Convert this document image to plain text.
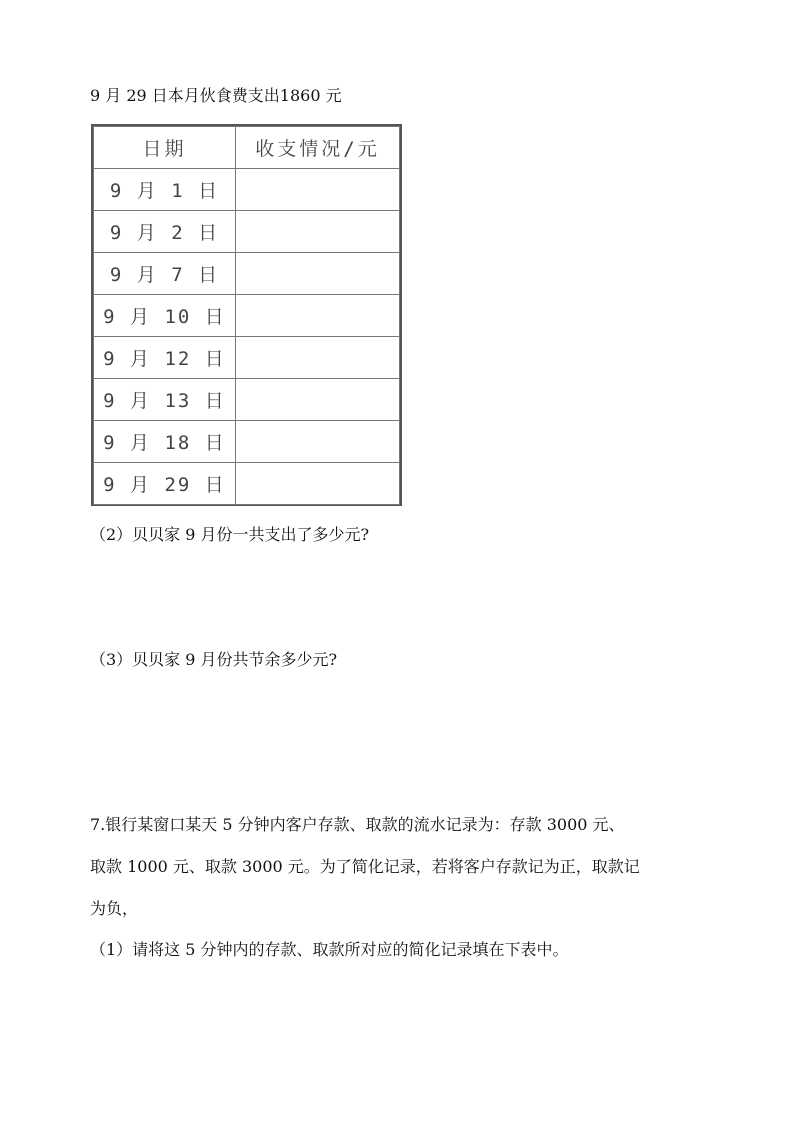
9 月 29 日本月伙食费支出1860 元
日期	收支情况/元
9 月 1 日	
9 月 2 日	
9 月 7 日	
9 月 10 日	
9 月 12 日	
9 月 13 日	
9 月 18 日	
9 月 29 日	
（2）贝贝家 9 月份一共支出了多少元?
（3）贝贝家 9 月份共节余多少元?
7.银行某窗口某天 5 分钟内客户存款、取款的流水记录为：存款 3000 元、
取款 1000 元、取款 3000 元。为了简化记录，若将客户存款记为正，取款记
为负，
（1）请将这 5 分钟内的存款、取款所对应的简化记录填在下表中。
